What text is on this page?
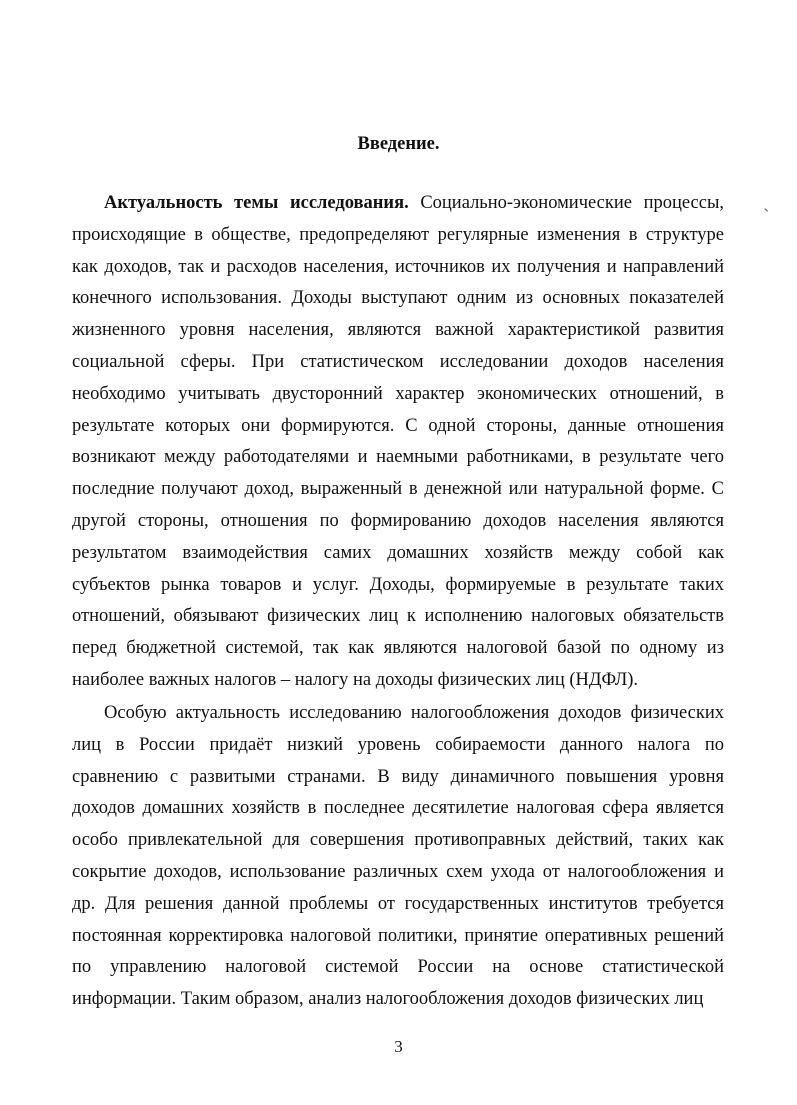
Введение.

Актуальность темы исследования. Социально-экономические процессы, происходящие в обществе, предопределяют регулярные изменения в структуре как доходов, так и расходов населения, источников их получения и направлений конечного использования. Доходы выступают одним из основных показателей жизненного уровня населения, являются важной характеристикой развития социальной сферы. При статистическом исследовании доходов населения необходимо учитывать двусторонний характер экономических отношений, в результате которых они формируются. С одной стороны, данные отношения возникают между работодателями и наемными работниками, в результате чего последние получают доход, выраженный в денежной или натуральной форме. С другой стороны, отношения по формированию доходов населения являются результатом взаимодействия самих домашних хозяйств между собой как субъектов рынка товаров и услуг. Доходы, формируемые в результате таких отношений, обязывают физических лиц к исполнению налоговых обязательств перед бюджетной системой, так как являются налоговой базой по одному из наиболее важных налогов – налогу на доходы физических лиц (НДФЛ).

Особую актуальность исследованию налогообложения доходов физических лиц в России придаёт низкий уровень собираемости данного налога по сравнению с развитыми странами. В виду динамичного повышения уровня доходов домашних хозяйств в последнее десятилетие налоговая сфера является особо привлекательной для совершения противоправных действий, таких как сокрытие доходов, использование различных схем ухода от налогообложения и др. Для решения данной проблемы от государственных институтов требуется постоянная корректировка налоговой политики, принятие оперативных решений по управлению налоговой системой России на основе статистической информации. Таким образом, анализ налогообложения доходов физических лиц

3
